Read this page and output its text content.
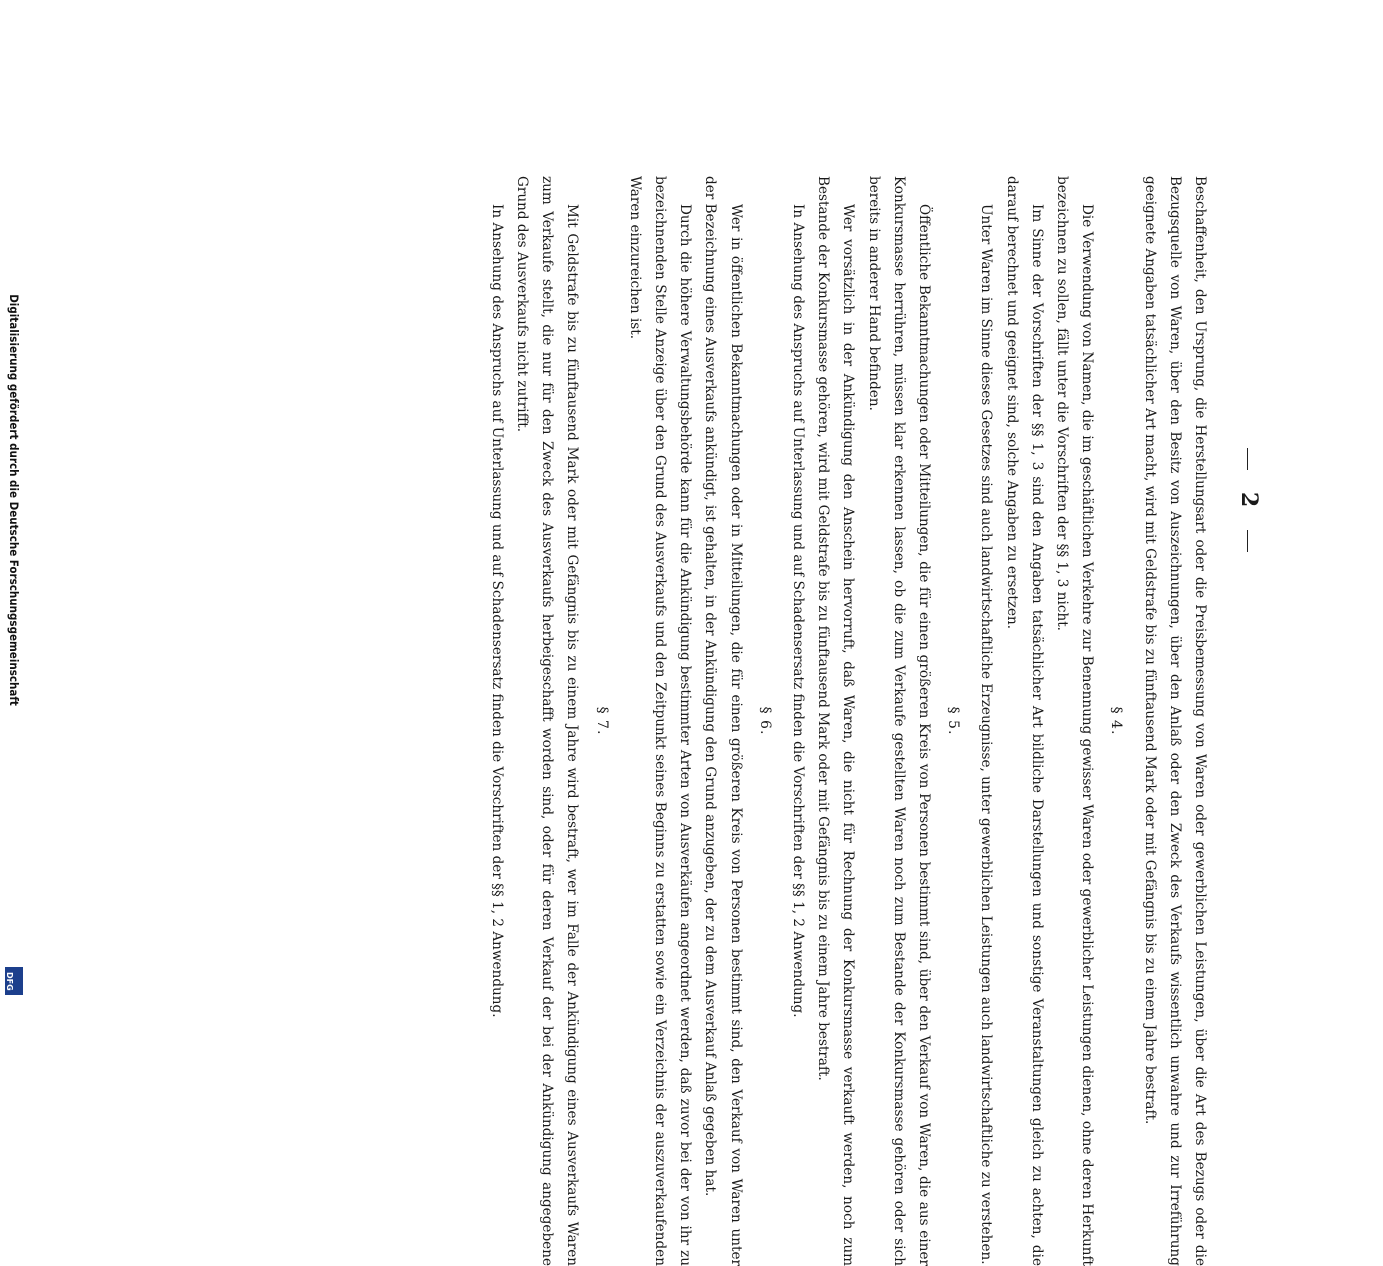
2

Beschaffenheit, den Ursprung, die Herstellungsart oder die Preisbemessung von Waren oder gewerblichen Leistungen, über die Art des Bezugs oder die Bezugsquelle von Waren, über den Besitz von Auszeichnungen, über den Anlaß oder den Zweck des Verkaufs wissentlich unwahre und zur Irreführung geeignete Angaben tatsächlicher Art macht, wird mit Geldstrafe bis zu fünftausend Mark oder mit Gefängnis bis zu einem Jahre bestraft.

§ 4.

Die Verwendung von Namen, die im geschäftlichen Verkehre zur Benennung gewisser Waren oder gewerblicher Leistungen dienen, ohne deren Herkunft bezeichnen zu sollen, fällt unter die Vorschriften der §§ 1, 3 nicht.

Im Sinne der Vorschriften der §§ 1, 3 sind den Angaben tatsächlicher Art bildliche Darstellungen und sonstige Veranstaltungen gleich zu achten, die darauf berechnet und geeignet sind, solche Angaben zu ersetzen.

Unter Waren im Sinne dieses Gesetzes sind auch landwirtschaftliche Erzeugnisse, unter gewerblichen Leistungen auch landwirtschaftliche zu verstehen.

§ 5.

Öffentliche Bekanntmachungen oder Mitteilungen, die für einen größeren Kreis von Personen bestimmt sind, über den Verkauf von Waren, die aus einer Konkursmasse herrühren, müssen klar erkennen lassen, ob die zum Verkaufe gestellten Waren noch zum Bestande der Konkursmasse gehören oder sich bereits in anderer Hand befinden.

Wer vorsätzlich in der Ankündigung den Anschein hervorruft, daß Waren, die nicht für Rechnung der Konkursmasse verkauft werden, noch zum Bestande der Konkursmasse gehören, wird mit Geldstrafe bis zu fünftausend Mark oder mit Gefängnis bis zu einem Jahre bestraft.

In Ansehung des Anspruchs auf Unterlassung und auf Schadensersatz finden die Vorschriften der §§ 1, 2 Anwendung.

§ 6.

Wer in öffentlichen Bekanntmachungen oder in Mitteilungen, die für einen größeren Kreis von Personen bestimmt sind, den Verkauf von Waren unter der Bezeichnung eines Ausverkaufs ankündigt, ist gehalten, in der Ankündigung den Grund anzugeben, der zu dem Ausverkauf Anlaß gegeben hat.

Durch die höhere Verwaltungsbehörde kann für die Ankündigung bestimmter Arten von Ausverkäufen angeordnet werden, daß zuvor bei der von ihr zu bezeichnenden Stelle Anzeige über den Grund des Ausverkaufs und den Zeitpunkt seines Beginns zu erstatten sowie ein Verzeichnis der auszuverkaufenden Waren einzureichen ist.

§ 7.

Mit Geldstrafe bis zu fünftausend Mark oder mit Gefängnis bis zu einem Jahre wird bestraft, wer im Falle der Ankündigung eines Ausverkaufs Waren zum Verkaufe stellt, die nur für den Zweck des Ausverkaufs herbeigeschafft worden sind, oder für deren Verkauf der bei der Ankündigung angegebene Grund des Ausverkaufs nicht zutrifft.

In Ansehung des Anspruchs auf Unterlassung und auf Schadensersatz finden die Vorschriften der §§ 1, 2 Anwendung.

Digitalisierung gefördert durch die Deutsche Forschungsgemeinschaft
DFG
